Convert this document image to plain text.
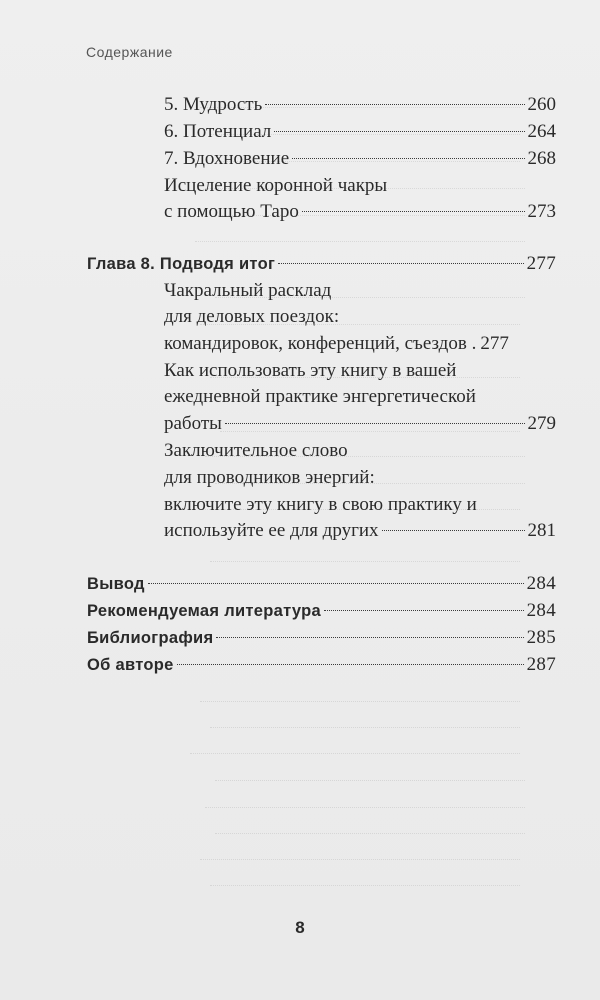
Содержание
5. Мудрость	260
6. Потенциал	264
7. Вдохновение	268
Исцеление коронной чакры
с помощью Таро	273
Глава 8. Подводя итог	277
Чакральный расклад
для деловых поездок:
командировок, конференций, съездов . 277
Как использовать эту книгу в вашей
ежедневной практике энгергетической
работы	279
Заключительное слово
для проводников энергий:
включите эту книгу в свою практику и
используйте ее для других	281
Вывод	284
Рекомендуемая литература	284
Библиография	285
Об авторе	287
8
